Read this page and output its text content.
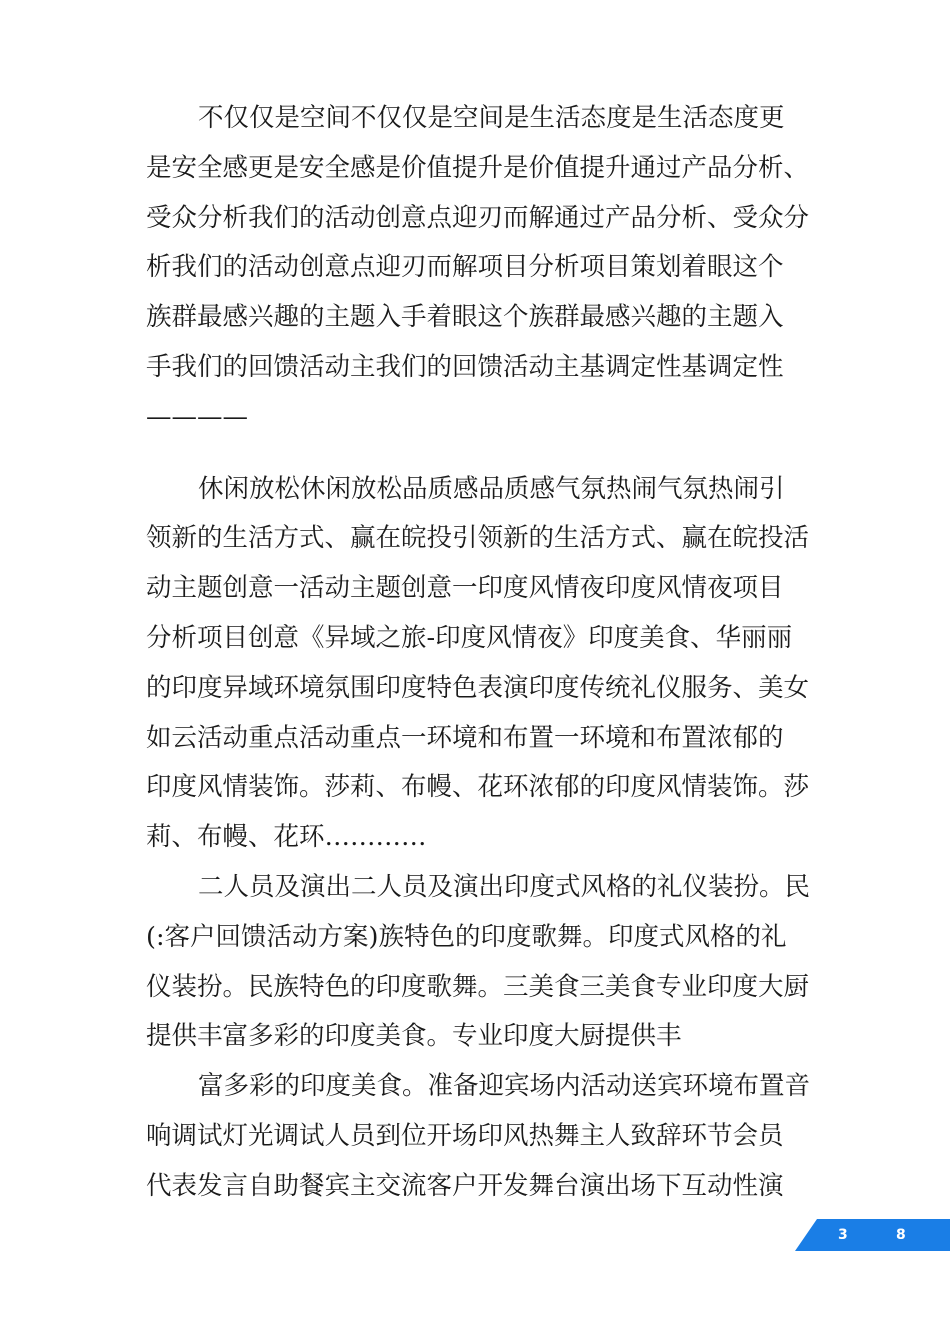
不仅仅是空间不仅仅是空间是生活态度是生活态度更
是安全感更是安全感是价值提升是价值提升通过产品分析、
受众分析我们的活动创意点迎刃而解通过产品分析、受众分
析我们的活动创意点迎刃而解项目分析项目策划着眼这个
族群最感兴趣的主题入手着眼这个族群最感兴趣的主题入
手我们的回馈活动主我们的回馈活动主基调定性基调定性
————
休闲放松休闲放松品质感品质感气氛热闹气氛热闹引
领新的生活方式、赢在皖投引领新的生活方式、赢在皖投活
动主题创意一活动主题创意一印度风情夜印度风情夜项目
分析项目创意《异域之旅-印度风情夜》印度美食、华丽丽
的印度异域环境氛围印度特色表演印度传统礼仪服务、美女
如云活动重点活动重点一环境和布置一环境和布置浓郁的
印度风情装饰。莎莉、布幔、花环浓郁的印度风情装饰。莎
莉、布幔、花环…………
二人员及演出二人员及演出印度式风格的礼仪装扮。民
(:客户回馈活动方案)族特色的印度歌舞。印度式风格的礼
仪装扮。民族特色的印度歌舞。三美食三美食专业印度大厨
提供丰富多彩的印度美食。专业印度大厨提供丰
富多彩的印度美食。准备迎宾场内活动送宾环境布置音
响调试灯光调试人员到位开场印风热舞主人致辞环节会员
代表发言自助餐宾主交流客户开发舞台演出场下互动性演
3	8
